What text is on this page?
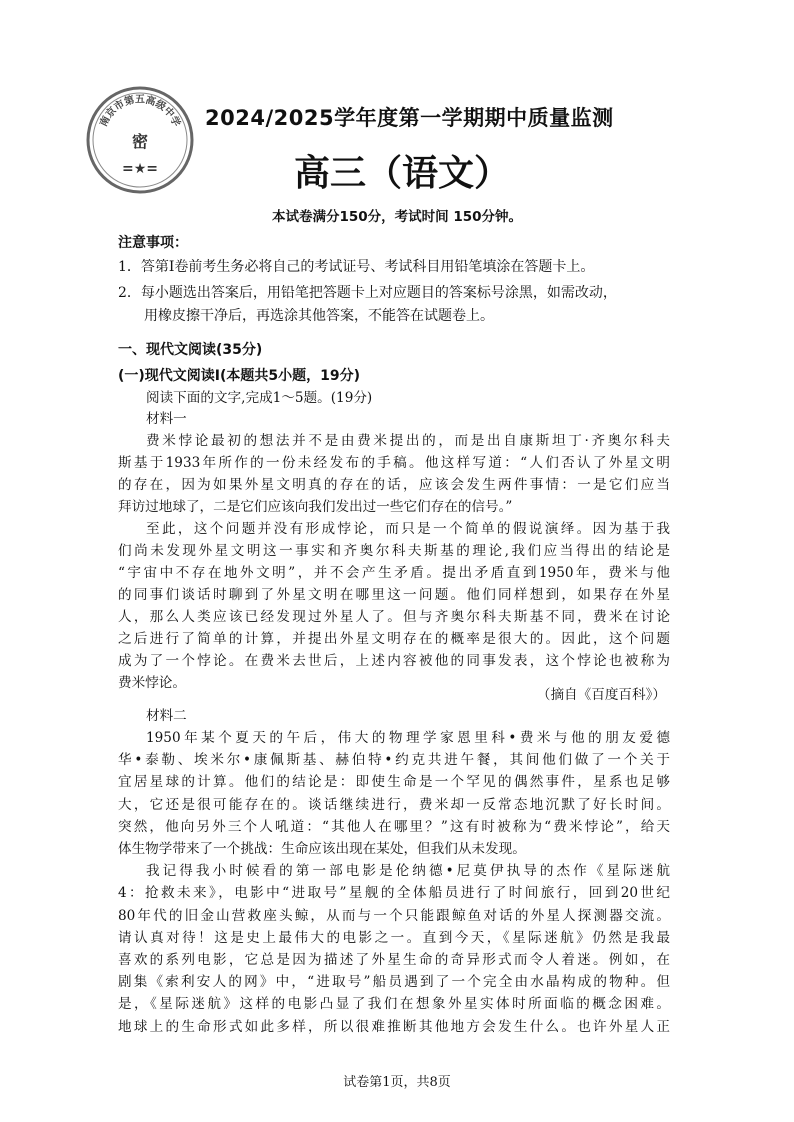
南京市第五高级中学
密
=★=
2024/2025学年度第一学期期中质量监测
高三（语文）
本试卷满分150分，考试时间 150分钟。
注意事项：
1．答第Ⅰ卷前考生务必将自己的考试证号、考试科目用铅笔填涂在答题卡上。
2．每小题选出答案后，用铅笔把答题卡上对应题目的答案标号涂黑，如需改动，
用橡皮擦干净后，再选涂其他答案，不能答在试题卷上。
一、现代文阅读(35分)
(一)现代文阅读Ⅰ(本题共5小题，19分)
阅读下面的文字,完成1～5题。(19分)
材料一
费米悖论最初的想法并不是由费米提出的，而是出自康斯坦丁·齐奥尔科夫
斯基于1933年所作的一份未经发布的手稿。他这样写道：“人们否认了外星文明
的存在，因为如果外星文明真的存在的话，应该会发生两件事情：一是它们应当
拜访过地球了，二是它们应该向我们发出过一些它们存在的信号。”
至此，这个问题并没有形成悖论，而只是一个简单的假说演绎。因为基于我
们尚未发现外星文明这一事实和齐奥尔科夫斯基的理论,我们应当得出的结论是
“宇宙中不存在地外文明”，并不会产生矛盾。提出矛盾直到1950年，费米与他
的同事们谈话时聊到了外星文明在哪里这一问题。他们同样想到，如果存在外星
人，那么人类应该已经发现过外星人了。但与齐奥尔科夫斯基不同，费米在讨论
之后进行了简单的计算，并提出外星文明存在的概率是很大的。因此，这个问题
成为了一个悖论。在费米去世后，上述内容被他的同事发表，这个悖论也被称为
费米悖论。
（摘自《百度百科》）
材料二
1950年某个夏天的午后，伟大的物理学家恩里科•费米与他的朋友爱德
华•泰勒、埃米尔•康佩斯基、赫伯特•约克共进午餐，其间他们做了一个关于
宜居星球的计算。他们的结论是：即使生命是一个罕见的偶然事件，星系也足够
大，它还是很可能存在的。谈话继续进行，费米却一反常态地沉默了好长时间。
突然，他向另外三个人吼道：“其他人在哪里？”这有时被称为“费米悖论”，给天
体生物学带来了一个挑战：生命应该出现在某处，但我们从未发现。
我记得我小时候看的第一部电影是伦纳德•尼莫伊执导的杰作《星际迷航
4：抢救未来》，电影中“进取号”星舰的全体船员进行了时间旅行，回到20世纪
80年代的旧金山营救座头鲸，从而与一个只能跟鲸鱼对话的外星人探测器交流。
请认真对待！这是史上最伟大的电影之一。直到今天，《星际迷航》仍然是我最
喜欢的系列电影，它总是因为描述了外星生命的奇异形式而令人着迷。例如，在
剧集《索利安人的网》中，“进取号”船员遇到了一个完全由水晶构成的物种。但
是，《星际迷航》这样的电影凸显了我们在想象外星实体时所面临的概念困难。
地球上的生命形式如此多样，所以很难推断其他地方会发生什么。也许外星人正
试卷第1页，共8页
